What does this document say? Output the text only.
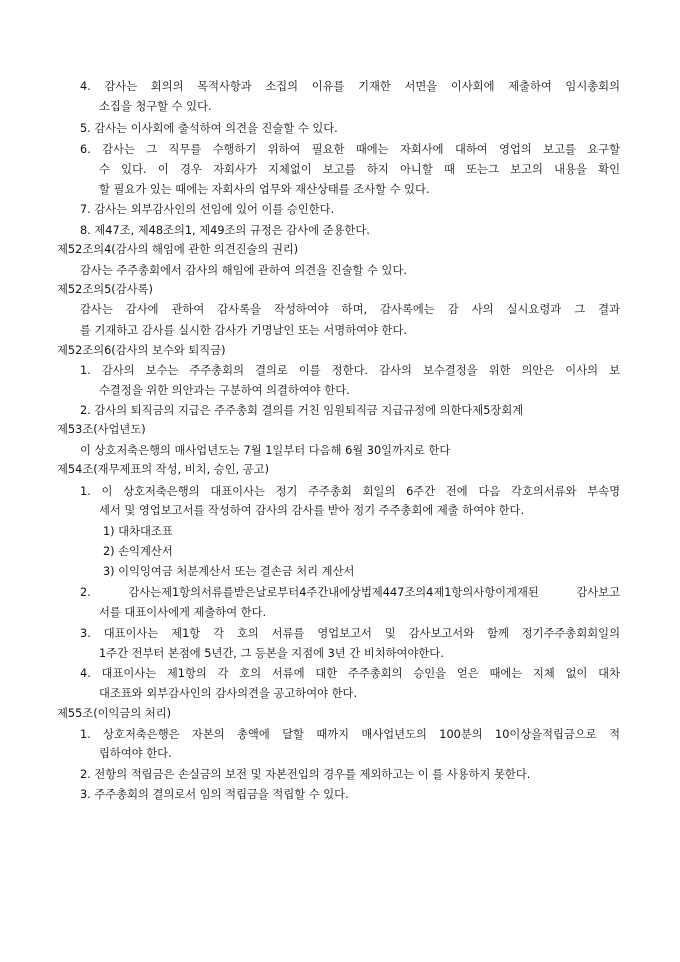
4. 감사는 회의의 목적사항과 소집의 이유를 기재한 서면을 이사회에 제출하여 임시총회의
소집을 청구할 수 있다.
5. 감사는 이사회에 출석하여 의견을 진술할 수 있다.
6. 감사는 그 직무를 수행하기 위하여 필요한 때에는 자회사에 대하여 영업의 보고를 요구할
수 있다. 이 경우 자회사가 지체없이 보고를 하지 아니할 때 또는그 보고의 내용을 확인
할 필요가 있는 때에는 자회사의 업무와 재산상태를 조사할 수 있다.
7. 감사는 외부감사인의 선임에 있어 이를 승인한다.
8. 제47조, 제48조의1, 제49조의 규정은 감사에 준용한다.
제52조의4(감사의 해임에 관한 의견진술의 권리)
감사는 주주총회에서 감사의 해임에 관하여 의견을 진술할 수 있다.
제52조의5(감사록)
감사는 감사에 관하여 감사록을 작성하여야 하며, 감사록에는 감 사의 실시요령과 그 결과
를 기재하고 감사를 실시한 감사가 기명날인 또는 서명하여야 한다.
제52조의6(감사의 보수와 퇴직금)
1. 감사의 보수는 주주총회의 결의로 이를 정한다. 감사의 보수결정을 위한 의안은 이사의 보
수결정을 위한 의안과는 구분하여 의결하여야 한다.
2. 감사의 퇴직금의 지급은 주주총회 결의를 거친 임원퇴직금 지급규정에 의한다제5장회계
제53조(사업년도)
이 상호저축은행의 매사업년도는 7월 1일부터 다음해 6월 30일까지로 한다
제54조(재무제표의 작성, 비치, 승인, 공고)
1. 이 상호저축은행의 대표이사는 정기 주주총회 회일의 6주간 전에 다음 각호의서류와 부속명
세서 및 영업보고서를 작성하여 감사의 감사를 받아 정기 주주총회에 제출 하여야 한다.
1) 대차대조표
2) 손익계산서
3) 이익잉여금 처분계산서 또는 결손금 처리 계산서
2. 감사는제1항의서류를받은날로부터4주간내에상법제447조의4제1항의사항이게재된 감사보고
서를 대표이사에게 제출하여 한다.
3. 대표이사는 제1항 각 호의 서류를 영업보고서 및 감사보고서와 함께 정기주주총회회일의
1주간 전부터 본점에 5년간, 그 등본을 지점에 3년 간 비치하여야한다.
4. 대표이사는 제1항의 각 호의 서류에 대한 주주총회의 승인을 얻은 때에는 지체 없이 대차
대조표와 외부감사인의 감사의견을 공고하여야 한다.
제55조(이익금의 처리)
1. 상호저축은행은 자본의 총액에 달할 때까지 매사업년도의 100분의 10이상을적립금으로 적
립하여야 한다.
2. 전항의 적립금은 손실금의 보전 및 자본전입의 경우를 제외하고는 이 를 사용하지 못한다.
3. 주주총회의 결의로서 임의 적립금을 적립할 수 있다.
